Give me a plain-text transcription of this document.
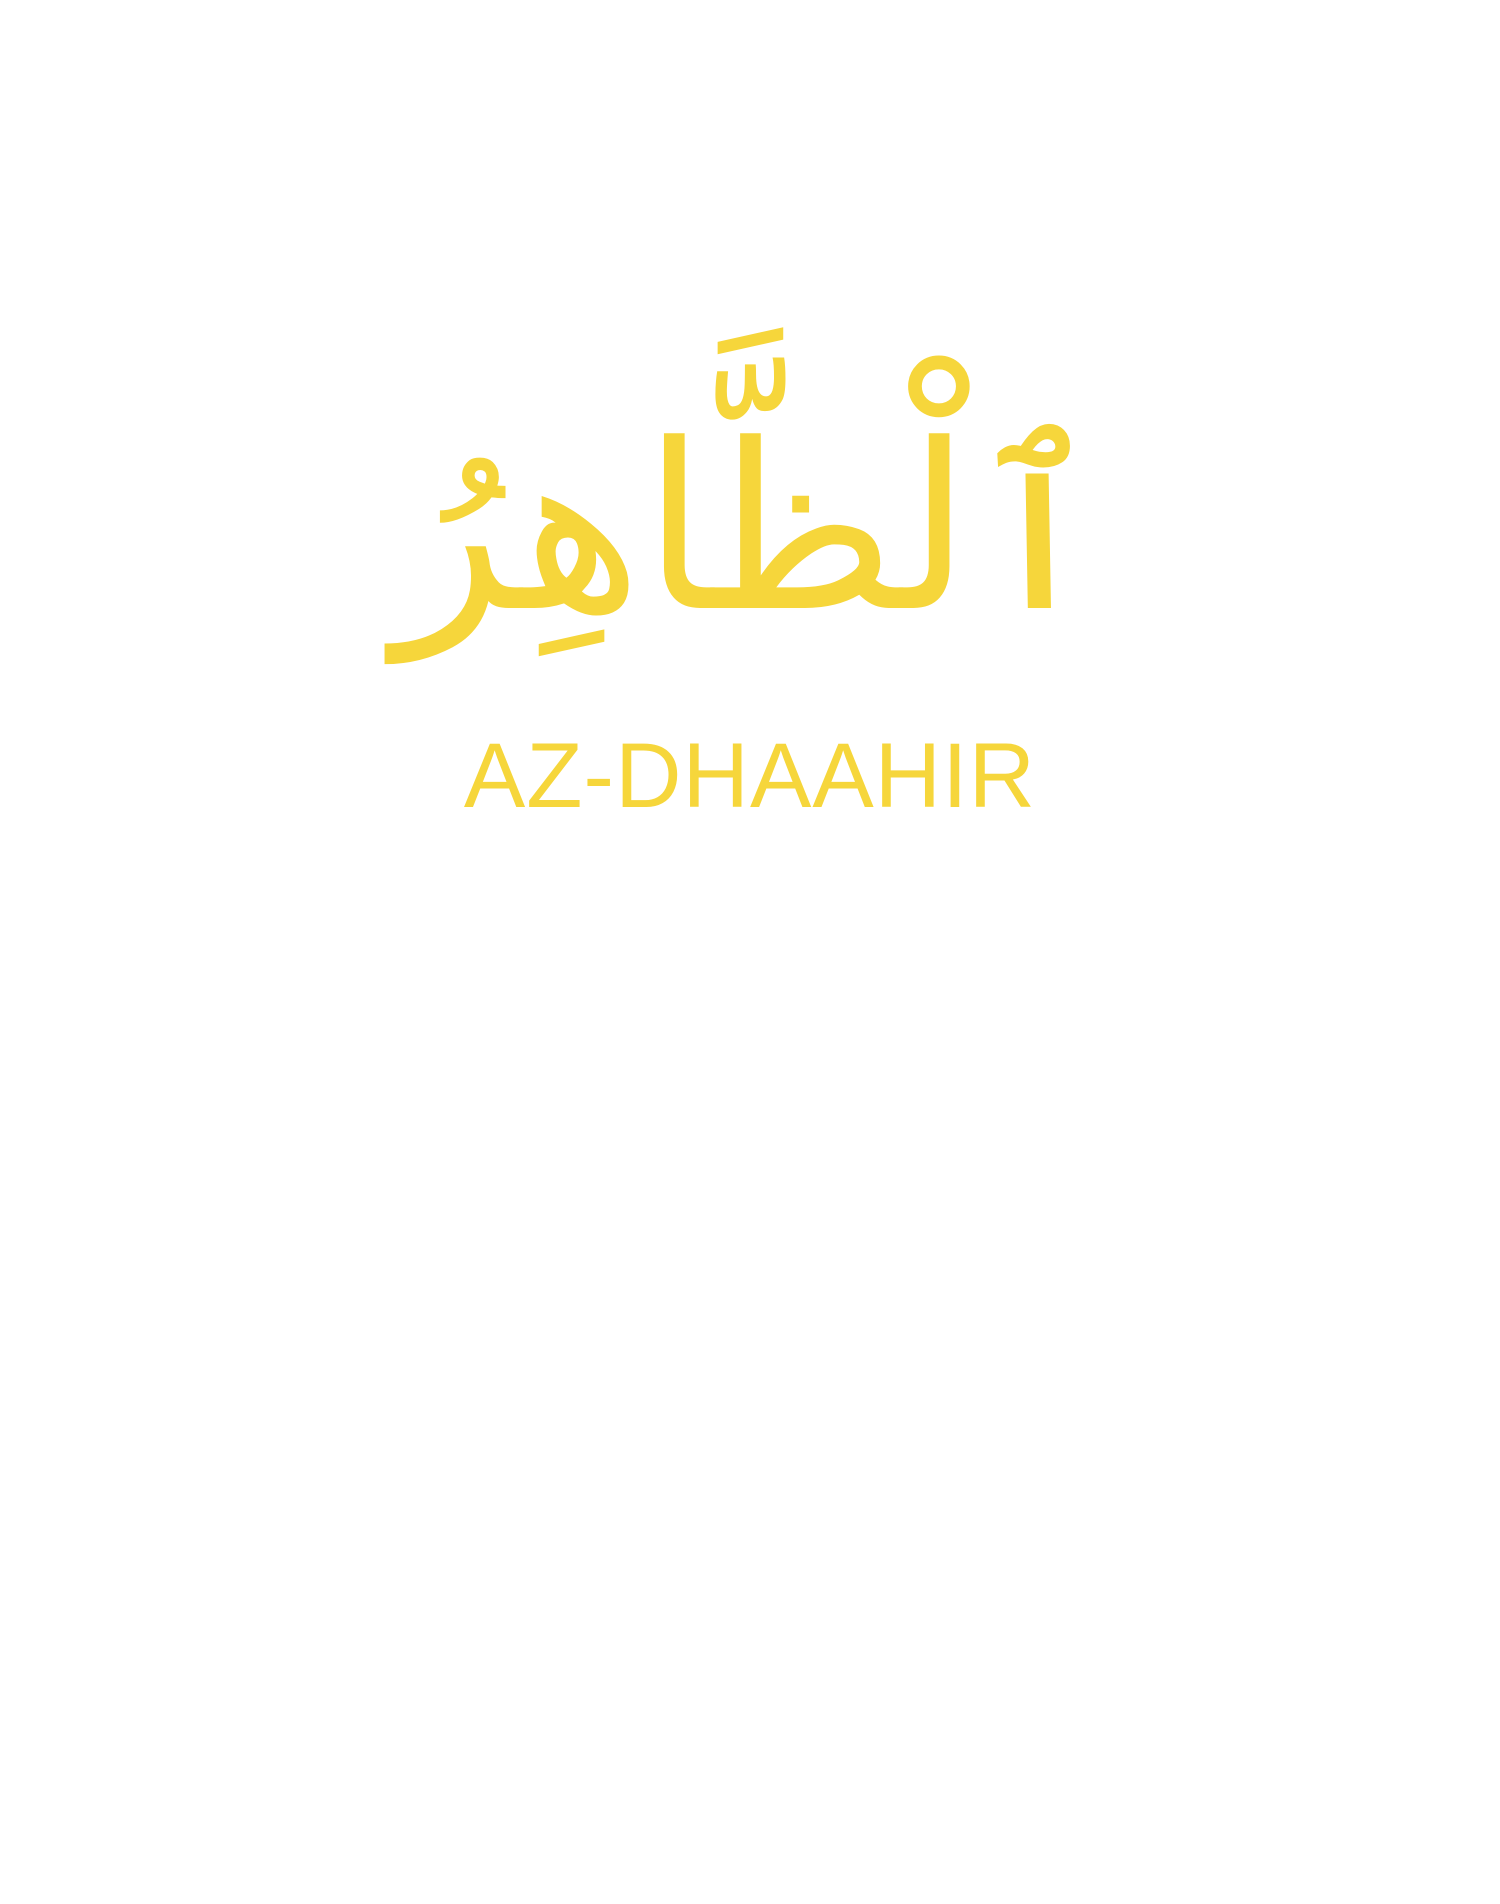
ٱلْظَّاهِرُ
AZ-DHAAHIR
